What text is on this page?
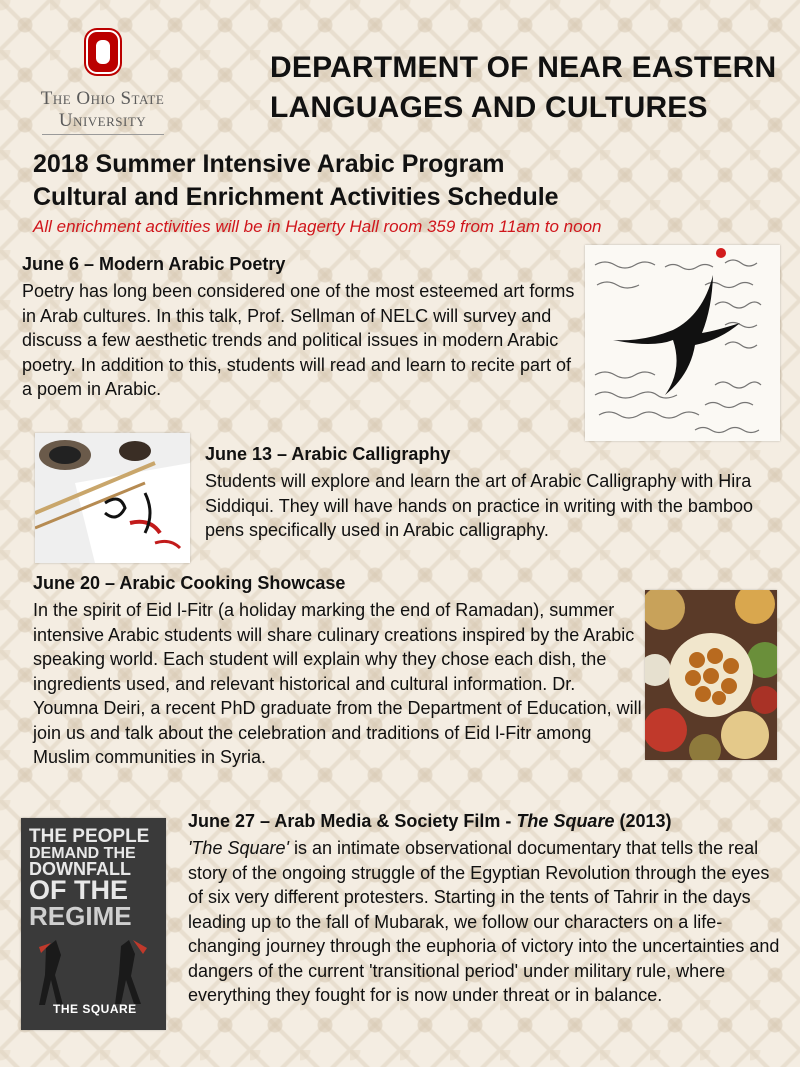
The Ohio State
University
DEPARTMENT OF NEAR EASTERN
LANGUAGES AND CULTURES
2018 Summer Intensive Arabic Program
Cultural and Enrichment Activities Schedule
All enrichment activities will be in Hagerty Hall room 359 from 11am to noon
June 6 – Modern Arabic Poetry
Poetry has long been considered one of the most esteemed art forms in Arab cultures. In this talk, Prof. Sellman of NELC will survey and discuss a few aesthetic trends and political issues in modern Arabic poetry. In addition to this, students will read and learn to recite part of a poem in Arabic.
June 13 – Arabic Calligraphy
Students will explore and learn the art of Arabic Calligraphy with Hira Siddiqui. They will have hands on practice in writing with the bamboo pens specifically used in Arabic calligraphy.
June 20 – Arabic Cooking Showcase
In the spirit of Eid l-Fitr (a holiday marking the end of Ramadan), summer intensive Arabic students will share culinary creations inspired by the Arabic speaking world. Each student will explain why they chose each dish, the ingredients used, and relevant historical and cultural information. Dr. Youmna Deiri, a recent PhD graduate from the Department of Education, will join us and talk about the celebration and traditions of Eid l-Fitr among Muslim communities in Syria.
THE PEOPLE
DEMAND THE
DOWNFALL
OF THE
REGIME
THE SQUARE
June 27 – Arab Media & Society Film - The Square (2013)
'The Square' is an intimate observational documentary that tells the real story of the ongoing struggle of the Egyptian Revolution through the eyes of six very different protesters. Starting in the tents of Tahrir in the days leading up to the fall of Mubarak, we follow our characters on a life-changing journey through the euphoria of victory into the uncertainties and dangers of the current 'transitional period' under military rule, where everything they fought for is now under threat or in balance.
